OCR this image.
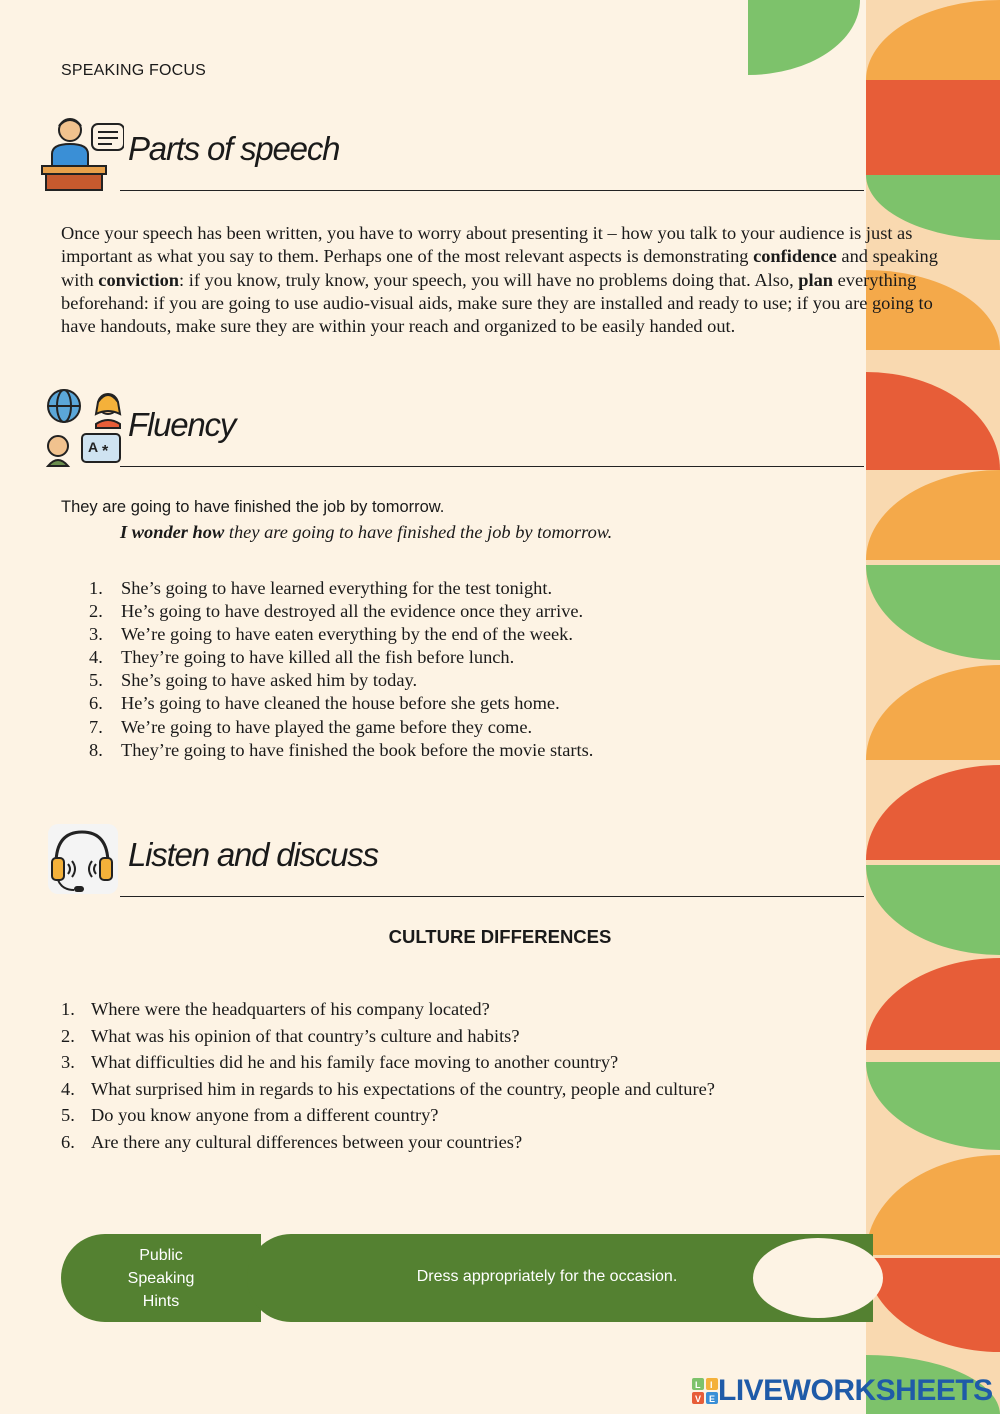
SPEAKING FOCUS
Parts of speech
Once your speech has been written, you have to worry about presenting it – how you talk to your audience is just as important as what you say to them. Perhaps one of the most relevant aspects is demonstrating confidence and speaking with conviction: if you know, truly know, your speech, you will have no problems doing that. Also, plan everything beforehand: if you are going to use audio-visual aids, make sure they are installed and ready to use; if you are going to have handouts, make sure they are within your reach and organized to be easily handed out.
A *
Fluency
They are going to have finished the job by tomorrow.
I wonder how they are going to have finished the job by tomorrow.
1. She’s going to have learned everything for the test tonight.
2. He’s going to have destroyed all the evidence once they arrive.
3. We’re going to have eaten everything by the end of the week.
4. They’re going to have killed all the fish before lunch.
5. She’s going to have asked him by today.
6. He’s going to have cleaned the house before she gets home.
7. We’re going to have played the game before they come.
8. They’re going to have finished the book before the movie starts.
Listen and discuss
CULTURE DIFFERENCES
1. Where were the headquarters of his company located?
2. What was his opinion of that country’s culture and habits?
3. What difficulties did he and his family face moving to another country?
4. What surprised him in regards to his expectations of the country, people and culture?
5. Do you know anyone from a different country?
6. Are there any cultural differences between your countries?
Public
Speaking
Hints
Dress appropriately for the occasion.
L I
V E LIVEWORKSHEETS
